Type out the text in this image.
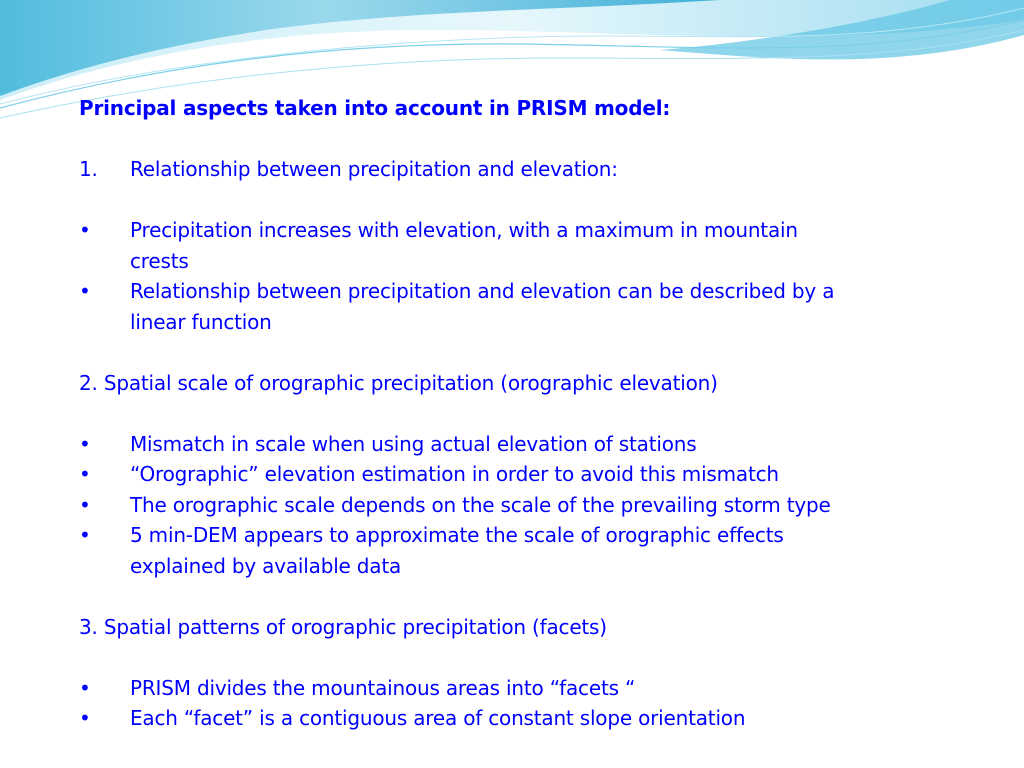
Principal aspects taken into account in PRISM model:
1. Relationship between precipitation and elevation:
• Precipitation increases with elevation, with a maximum in mountain
crests
• Relationship between precipitation and elevation can be described by a
linear function
2. Spatial scale of orographic precipitation (orographic elevation)
• Mismatch in scale when using actual elevation of stations
• “Orographic” elevation estimation in order to avoid this mismatch
• The orographic scale depends on the scale of the prevailing storm type
• 5 min-DEM appears to approximate the scale of orographic effects
explained by available data
3. Spatial patterns of orographic precipitation (facets)
• PRISM divides the mountainous areas into “facets “
• Each “facet” is a contiguous area of constant slope orientation
